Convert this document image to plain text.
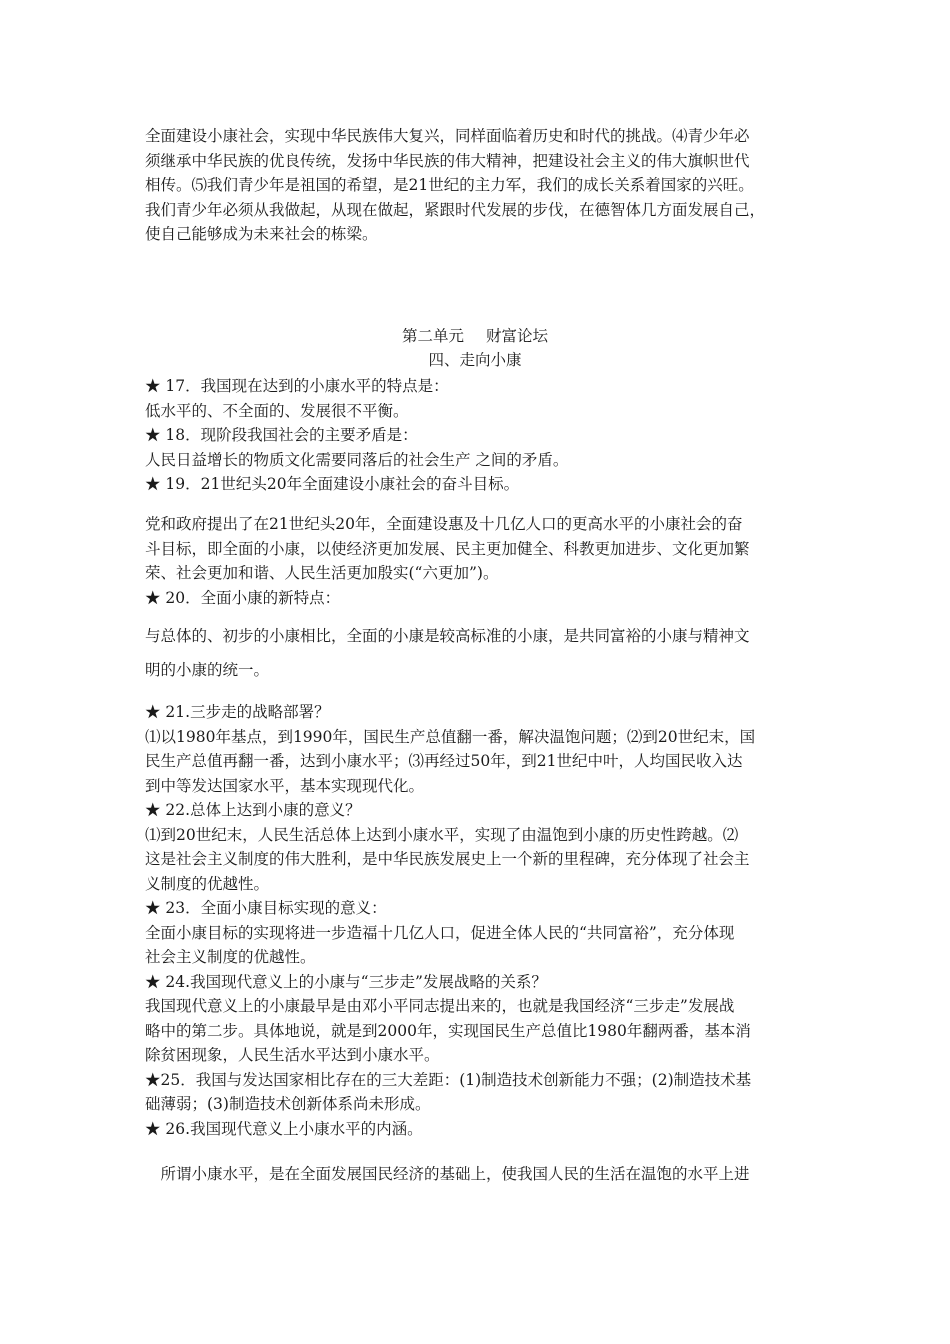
全面建设小康社会，实现中华民族伟大复兴，同样面临着历史和时代的挑战。⑷青少年必
须继承中华民族的优良传统，发扬中华民族的伟大精神，把建设社会主义的伟大旗帜世代
相传。⑸我们青少年是祖国的希望，是21世纪的主力军，我们的成长关系着国家的兴旺。
我们青少年必须从我做起，从现在做起，紧跟时代发展的步伐，在德智体几方面发展自己，
使自己能够成为未来社会的栋梁。
第二单元 财富论坛
四、走向小康
★ 17．我国现在达到的小康水平的特点是：
低水平的、不全面的、发展很不平衡。
★ 18．现阶段我国社会的主要矛盾是：
人民日益增长的物质文化需要同落后的社会生产 之间的矛盾。
★ 19．21世纪头20年全面建设小康社会的奋斗目标。
党和政府提出了在21世纪头20年，全面建设惠及十几亿人口的更高水平的小康社会的奋
斗目标，即全面的小康，以使经济更加发展、民主更加健全、科教更加进步、文化更加繁
荣、社会更加和谐、人民生活更加殷实(“六更加”)。
★ 20．全面小康的新特点：
与总体的、初步的小康相比，全面的小康是较高标准的小康，是共同富裕的小康与精神文
明的小康的统一。
★ 21.三步走的战略部署？
⑴以1980年基点，到1990年，国民生产总值翻一番，解决温饱问题；⑵到20世纪末，国
民生产总值再翻一番，达到小康水平；⑶再经过50年，到21世纪中叶，人均国民收入达
到中等发达国家水平，基本实现现代化。
★ 22.总体上达到小康的意义？
⑴到20世纪末，人民生活总体上达到小康水平，实现了由温饱到小康的历史性跨越。⑵
这是社会主义制度的伟大胜利，是中华民族发展史上一个新的里程碑，充分体现了社会主
义制度的优越性。
★ 23．全面小康目标实现的意义：
全面小康目标的实现将进一步造福十几亿人口，促进全体人民的“共同富裕”，充分体现
社会主义制度的优越性。
★ 24.我国现代意义上的小康与“三步走”发展战略的关系？
我国现代意义上的小康最早是由邓小平同志提出来的，也就是我国经济“三步走”发展战
略中的第二步。具体地说，就是到2000年，实现国民生产总值比1980年翻两番，基本消
除贫困现象，人民生活水平达到小康水平。
★25．我国与发达国家相比存在的三大差距：(1)制造技术创新能力不强；(2)制造技术基
础薄弱；(3)制造技术创新体系尚未形成。
★ 26.我国现代意义上小康水平的内涵。
　所谓小康水平，是在全面发展国民经济的基础上，使我国人民的生活在温饱的水平上进
